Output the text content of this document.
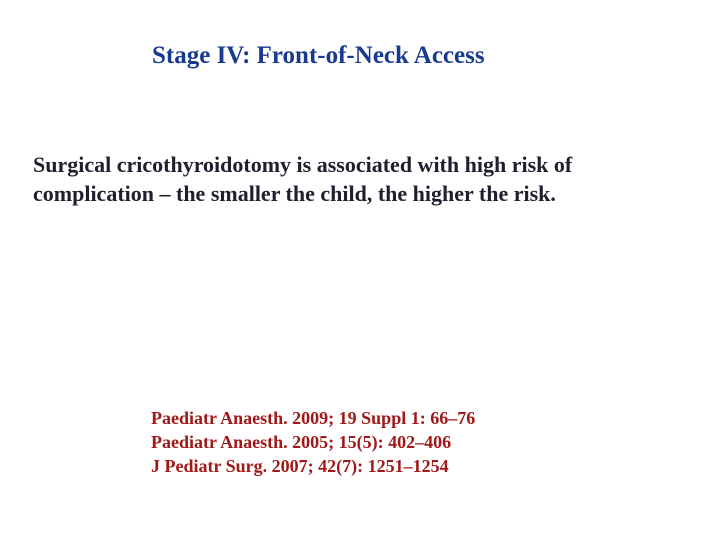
Stage IV: Front-of-Neck Access
Surgical cricothyroidotomy is associated with high risk of
complication – the smaller the child, the higher the risk.
Paediatr Anaesth. 2009; 19 Suppl 1: 66–76
Paediatr Anaesth. 2005; 15(5): 402–406
J Pediatr Surg. 2007; 42(7): 1251–1254
